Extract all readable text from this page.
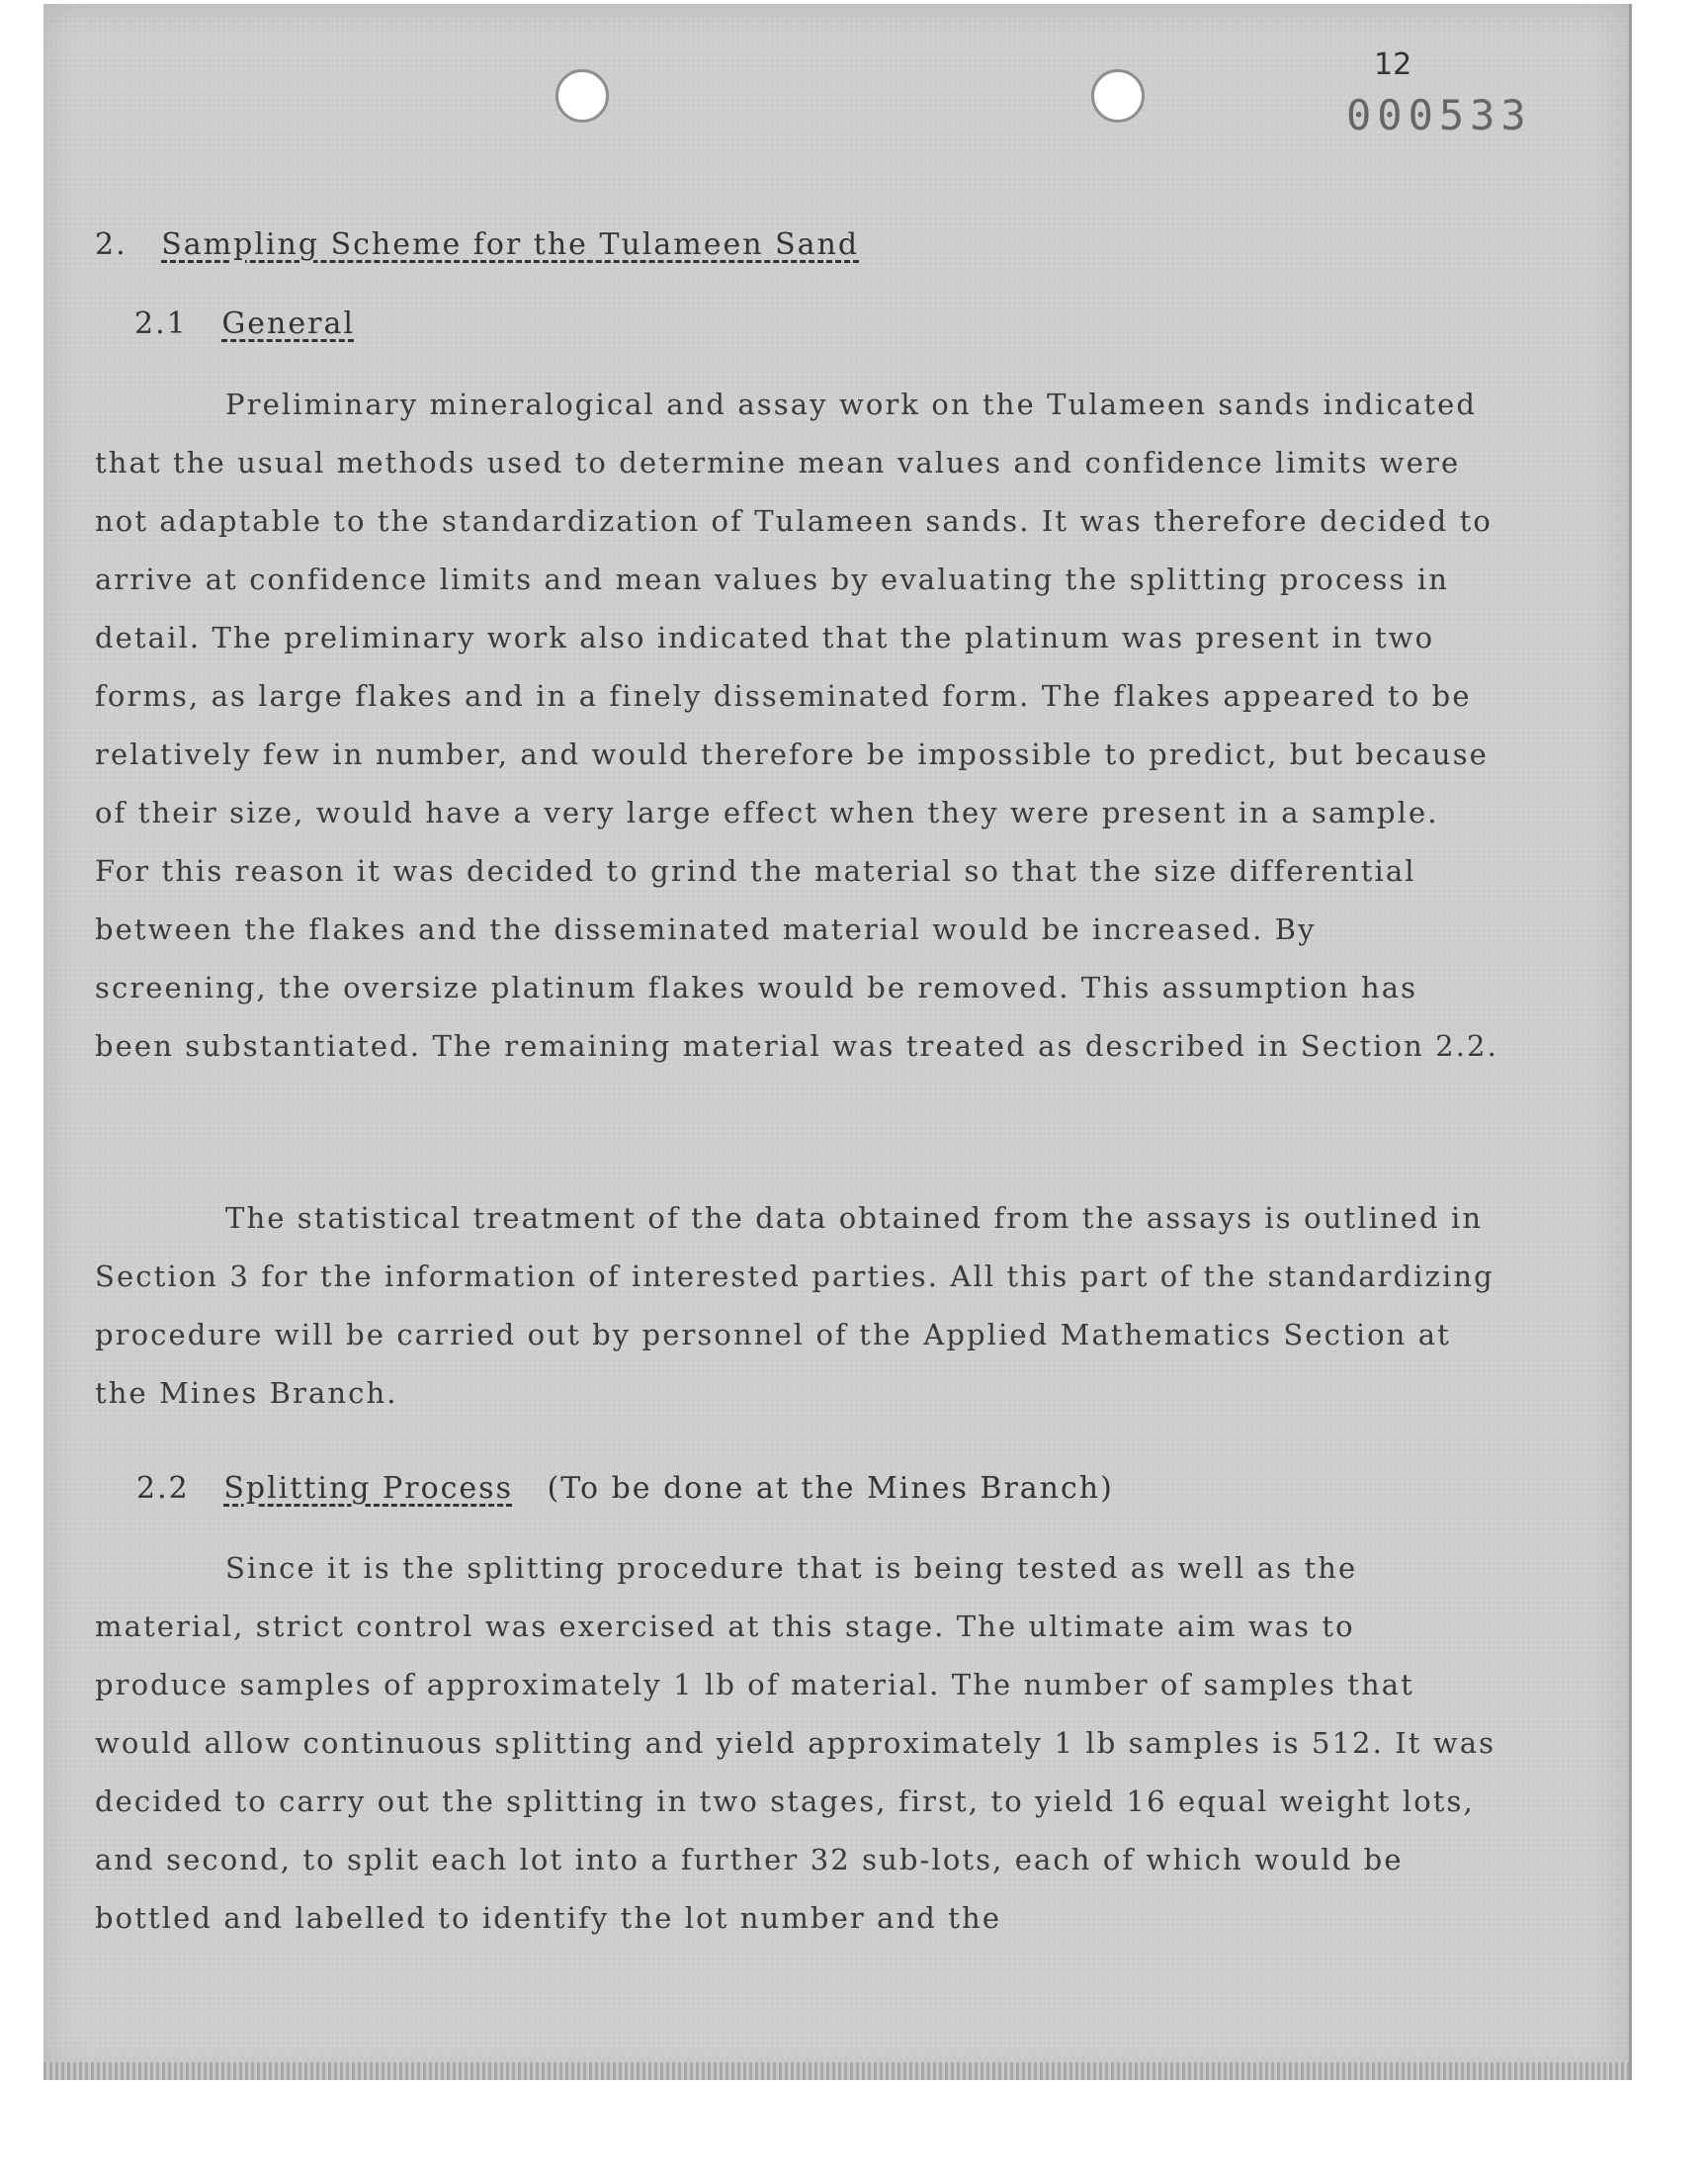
12
000533
2. Sampling Scheme for the Tulameen Sand
2.1 General

Preliminary mineralogical and assay work on the Tulameen sands indicated that the usual methods used to determine mean values and confidence limits were not adaptable to the standardization of Tulameen sands. It was therefore decided to arrive at confidence limits and mean values by evaluating the splitting process in detail. The preliminary work also indicated that the platinum was present in two forms, as large flakes and in a finely disseminated form. The flakes appeared to be relatively few in number, and would therefore be impossible to predict, but because of their size, would have a very large effect when they were present in a sample. For this reason it was decided to grind the material so that the size differential between the flakes and the disseminated material would be increased. By screening, the oversize platinum flakes would be removed. This assumption has been substantiated. The remaining material was treated as described in Section 2.2.

The statistical treatment of the data obtained from the assays is outlined in Section 3 for the information of interested parties. All this part of the standardizing procedure will be carried out by personnel of the Applied Mathematics Section at the Mines Branch.

2.2 Splitting Process (To be done at the Mines Branch)

Since it is the splitting procedure that is being tested as well as the material, strict control was exercised at this stage. The ultimate aim was to produce samples of approximately 1 lb of material. The number of samples that would allow continuous splitting and yield approximately 1 lb samples is 512. It was decided to carry out the splitting in two stages, first, to yield 16 equal weight lots, and second, to split each lot into a further 32 sub-lots, each of which would be bottled and labelled to identify the lot number and the
